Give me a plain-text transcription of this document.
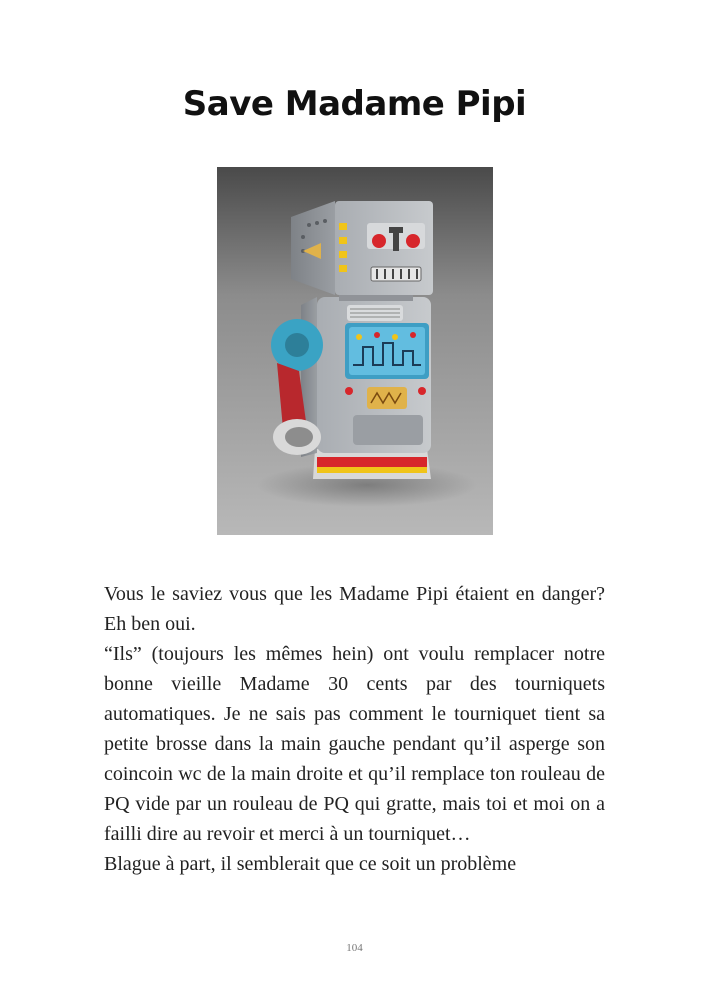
Save Madame Pipi

Vous le saviez vous que les Madame Pipi étaient en danger? Eh ben oui.

“Ils” (toujours les mêmes hein) ont voulu remplacer notre bonne vieille Madame 30 cents par des tourniquets automatiques. Je ne sais pas comment le tourniquet tient sa petite brosse dans la main gauche pendant qu’il asperge son coincoin wc de la main droite et qu’il remplace ton rouleau de PQ vide par un rouleau de PQ qui gratte, mais toi et moi on a failli dire au revoir et merci à un tourniquet…

Blague à part, il semblerait que ce soit un problème

104
